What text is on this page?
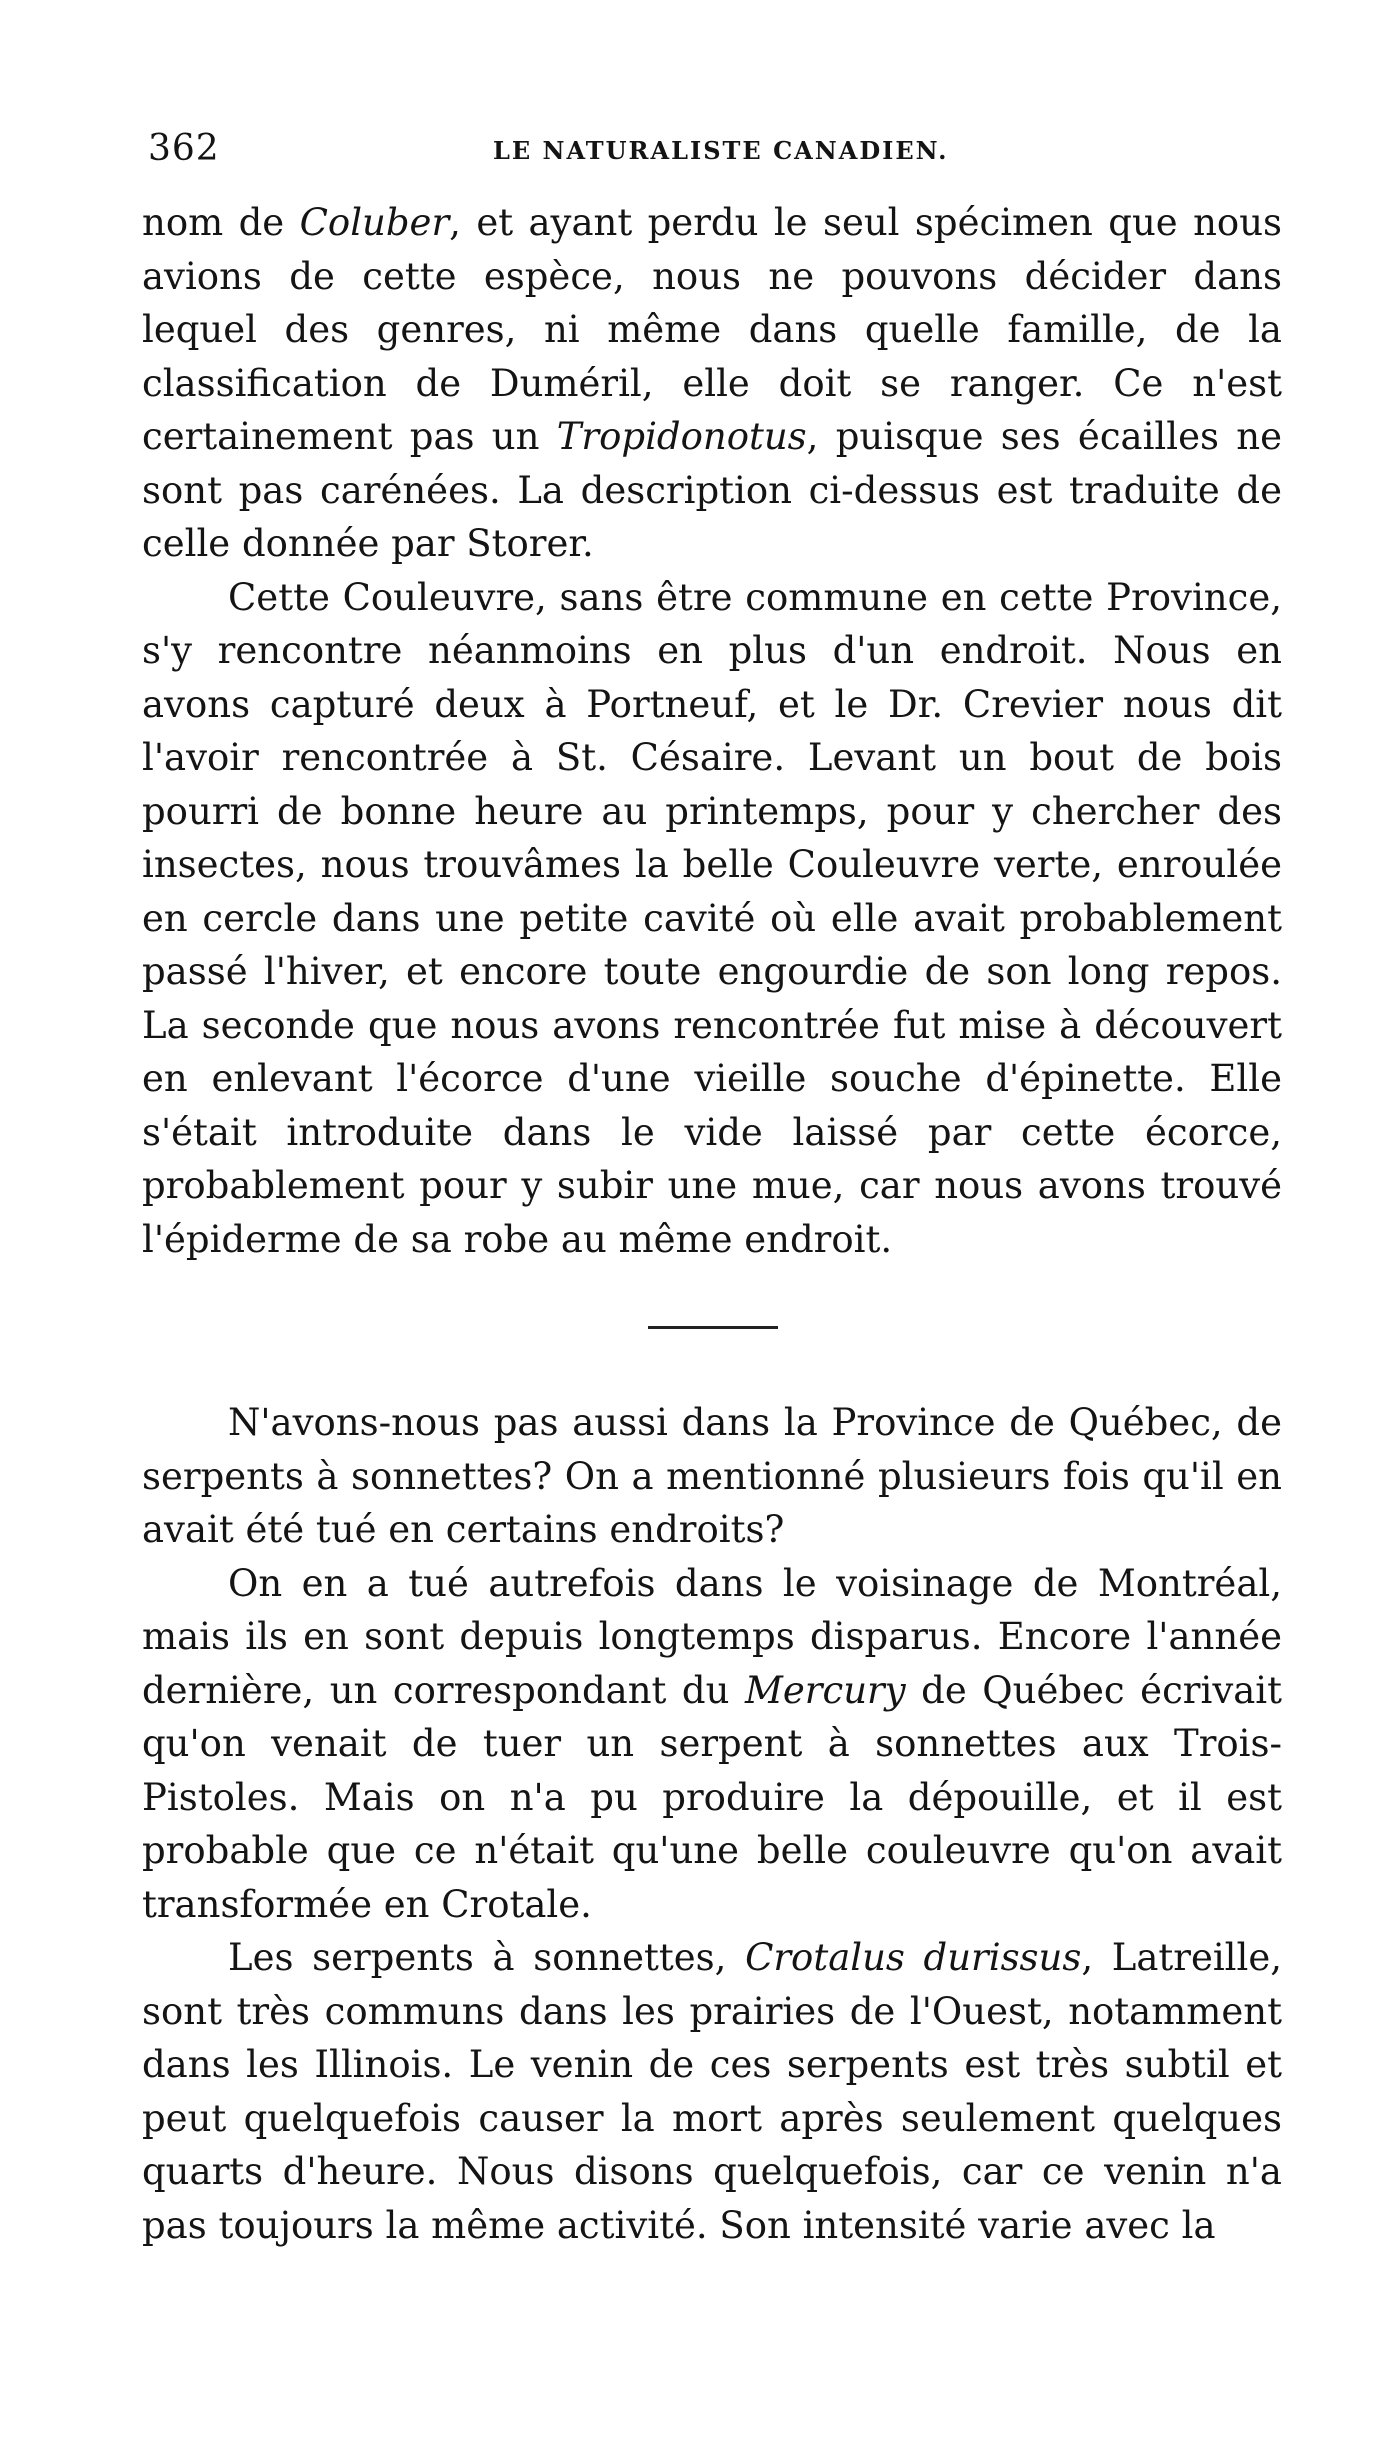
362	LE NATURALISTE CANADIEN.

nom de Coluber, et ayant perdu le seul spécimen que nous avions de cette espèce, nous ne pouvons décider dans lequel des genres, ni même dans quelle famille, de la classification de Duméril, elle doit se ranger. Ce n'est certainement pas un Tropidonotus, puisque ses écailles ne sont pas carénées. La description ci-dessus est traduite de celle donnée par Storer.

Cette Couleuvre, sans être commune en cette Province, s'y rencontre néanmoins en plus d'un endroit. Nous en avons capturé deux à Portneuf, et le Dr. Crevier nous dit l'avoir rencontrée à St. Césaire. Levant un bout de bois pourri de bonne heure au printemps, pour y chercher des insectes, nous trouvâmes la belle Couleuvre verte, enroulée en cercle dans une petite cavité où elle avait probablement passé l'hiver, et encore toute engourdie de son long repos. La seconde que nous avons rencontrée fut mise à découvert en enlevant l'écorce d'une vieille souche d'épinette. Elle s'était introduite dans le vide laissé par cette écorce, probablement pour y subir une mue, car nous avons trouvé l'épiderme de sa robe au même endroit.

N'avons-nous pas aussi dans la Province de Québec, de serpents à sonnettes? On a mentionné plusieurs fois qu'il en avait été tué en certains endroits?

On en a tué autrefois dans le voisinage de Montréal, mais ils en sont depuis longtemps disparus. Encore l'année dernière, un correspondant du Mercury de Québec écrivait qu'on venait de tuer un serpent à sonnettes aux Trois-Pistoles. Mais on n'a pu produire la dépouille, et il est probable que ce n'était qu'une belle couleuvre qu'on avait transformée en Crotale.

Les serpents à sonnettes, Crotalus durissus, Latreille, sont très communs dans les prairies de l'Ouest, notamment dans les Illinois. Le venin de ces serpents est très subtil et peut quelquefois causer la mort après seulement quelques quarts d'heure. Nous disons quelquefois, car ce venin n'a pas toujours la même activité. Son intensité varie avec la
